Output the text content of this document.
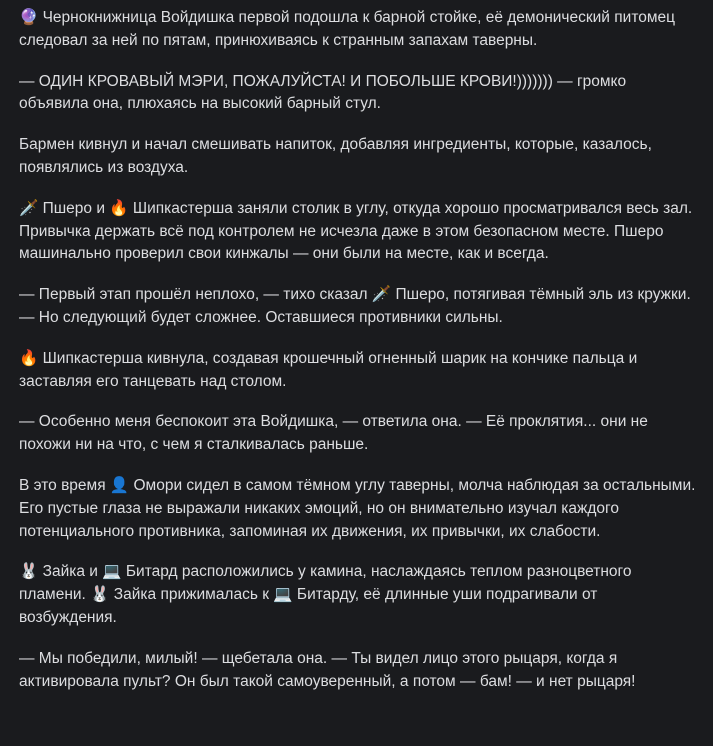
🔮 Чернокнижница Войдишка первой подошла к барной стойке, её демонический питомец следовал за ней по пятам, принюхиваясь к странным запахам таверны.

— ОДИН КРОВАВЫЙ МЭРИ, ПОЖАЛУЙСТА! И ПОБОЛЬШЕ КРОВИ!))))))) — громко объявила она, плюхаясь на высокий барный стул.

Бармен кивнул и начал смешивать напиток, добавляя ингредиенты, которые, казалось, появлялись из воздуха.

🗡️ Пшеро и 🔥 Шипкастерша заняли столик в углу, откуда хорошо просматривался весь зал. Привычка держать всё под контролем не исчезла даже в этом безопасном месте. Пшеро машинально проверил свои кинжалы — они были на месте, как и всегда.

— Первый этап прошёл неплохо, — тихо сказал 🗡️ Пшеро, потягивая тёмный эль из кружки. — Но следующий будет сложнее. Оставшиеся противники сильны.

🔥 Шипкастерша кивнула, создавая крошечный огненный шарик на кончике пальца и заставляя его танцевать над столом.

— Особенно меня беспокоит эта Войдишка, — ответила она. — Её проклятия... они не похожи ни на что, с чем я сталкивалась раньше.

В это время 👤 Омори сидел в самом тёмном углу таверны, молча наблюдая за остальными. Его пустые глаза не выражали никаких эмоций, но он внимательно изучал каждого потенциального противника, запоминая их движения, их привычки, их слабости.

🐰 Зайка и 💻 Битард расположились у камина, наслаждаясь теплом разноцветного пламени. 🐰 Зайка прижималась к 💻 Битарду, её длинные уши подрагивали от возбуждения.

— Мы победили, милый! — щебетала она. — Ты видел лицо этого рыцаря, когда я активировала пульт? Он был такой самоуверенный, а потом — бам! — и нет рыцаря!
